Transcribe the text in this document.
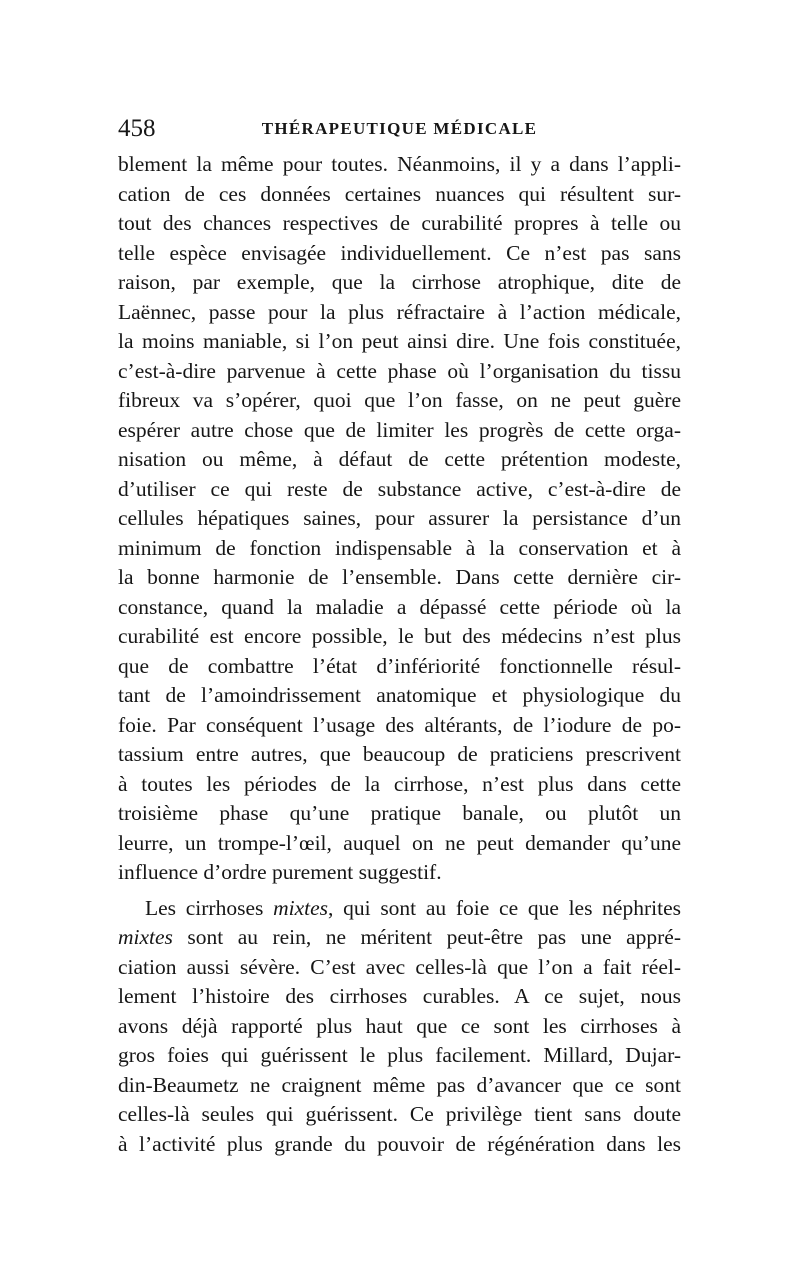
458	THÉRAPEUTIQUE MÉDICALE
blement la même pour toutes. Néanmoins, il y a dans l’appli-
cation de ces données certaines nuances qui résultent sur-
tout des chances respectives de curabilité propres à telle ou
telle espèce envisagée individuellement. Ce n’est pas sans
raison, par exemple, que la cirrhose atrophique, dite de
Laënnec, passe pour la plus réfractaire à l’action médicale,
la moins maniable, si l’on peut ainsi dire. Une fois constituée,
c’est-à-dire parvenue à cette phase où l’organisation du tissu
fibreux va s’opérer, quoi que l’on fasse, on ne peut guère
espérer autre chose que de limiter les progrès de cette orga-
nisation ou même, à défaut de cette prétention modeste,
d’utiliser ce qui reste de substance active, c’est-à-dire de
cellules hépatiques saines, pour assurer la persistance d’un
minimum de fonction indispensable à la conservation et à
la bonne harmonie de l’ensemble. Dans cette dernière cir-
constance, quand la maladie a dépassé cette période où la
curabilité est encore possible, le but des médecins n’est plus
que de combattre l’état d’infériorité fonctionnelle résul-
tant de l’amoindrissement anatomique et physiologique du
foie. Par conséquent l’usage des altérants, de l’iodure de po-
tassium entre autres, que beaucoup de praticiens prescrivent
à toutes les périodes de la cirrhose, n’est plus dans cette
troisième phase qu’une pratique banale, ou plutôt un
leurre, un trompe-l’œil, auquel on ne peut demander qu’une
influence d’ordre purement suggestif.
Les cirrhoses mixtes, qui sont au foie ce que les néphrites
mixtes sont au rein, ne méritent peut-être pas une appré-
ciation aussi sévère. C’est avec celles-là que l’on a fait réel-
lement l’histoire des cirrhoses curables. A ce sujet, nous
avons déjà rapporté plus haut que ce sont les cirrhoses à
gros foies qui guérissent le plus facilement. Millard, Dujar-
din-Beaumetz ne craignent même pas d’avancer que ce sont
celles-là seules qui guérissent. Ce privilège tient sans doute
à l’activité plus grande du pouvoir de régénération dans les
